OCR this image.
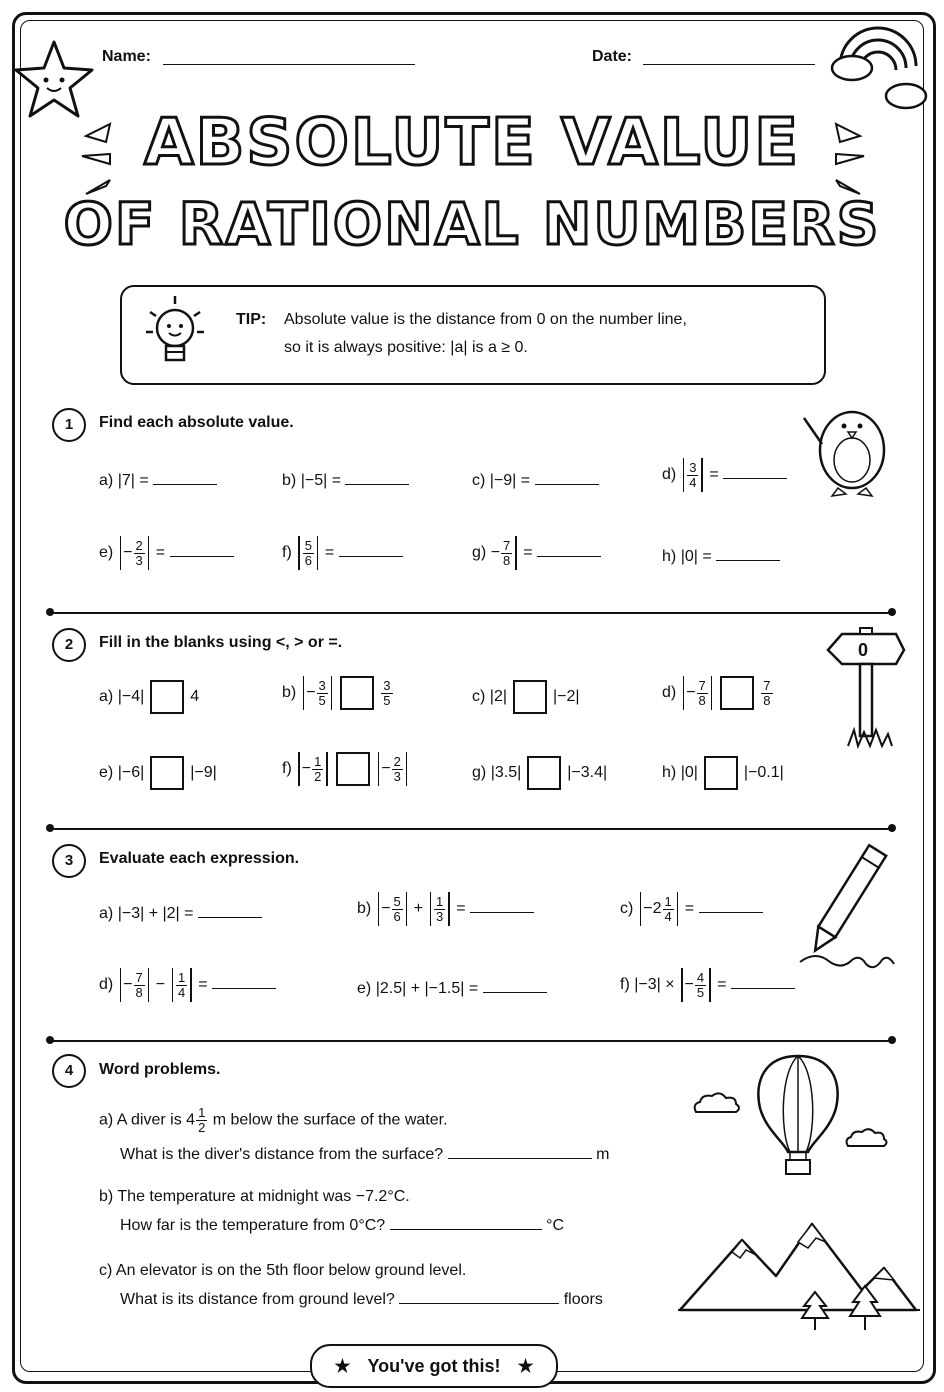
Name:	Date:
ABSOLUTE VALUE
OF RATIONAL NUMBERS
TIP: Absolute value is the distance from 0 on the number line,
so it is always positive: |a| is a ≥ 0.
1	Find each absolute value.
a) |7| =	b) |−5| =	c) |−9| =	$d) \frac{3}{4}$ =
$e) - \frac{2}{3}$ =	$f) \frac{5}{6}$ =	$g) - \frac{7}{8}$ =	h) |0| =
2	Fill in the blanks using <, > or =.	0
a) |−4|	4	$b) - \frac{3}{5}$	$\frac{3}{5}$	c) |2|	|−2|	$d) - \frac{7}{8}$	$\frac{7}{8}$
e) |−6|	|−9|	$f) - \frac{1}{2}$	− $\frac{2}{3}$	g) |3.5|	|−3.4|	h) |0|	|−0.1|
3	Evaluate each expression.
a) |−3| + |2| =	$b) - \frac{5}{6} + \frac{1}{3}$ =	$c) -2 \frac{1}{4}$ =
$d) - \frac{7}{8} - \frac{1}{4}$ =	e) |2.5| + |−1.5| =	f) |−3| × − $\frac{4}{5}$ =
4	Word problems.
a) A diver is $4 \frac{1}{2}$ m below the surface of the water.
What is the diver's distance from the surface?	m
b) The temperature at midnight was −7.2°C.
How far is the temperature from 0°C?	°C
c) An elevator is on the 5th floor below ground level.
What is its distance from ground level?	floors
★ You've got this! ★
